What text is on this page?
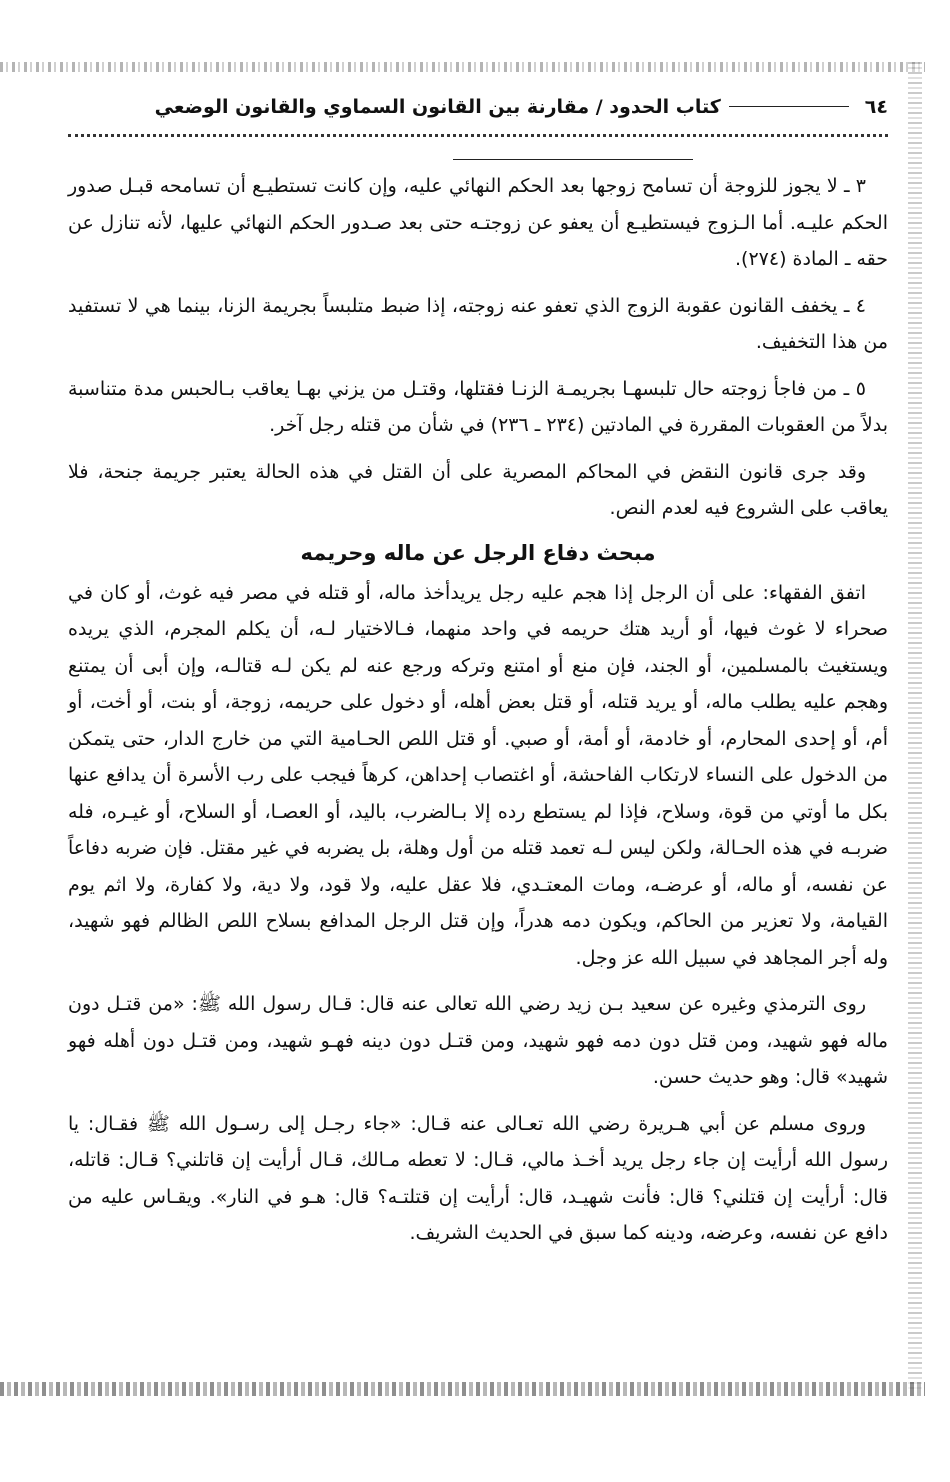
٦٤
كتاب الحدود / مقارنة بين القانون السماوي والقانون الوضعي

٣ ـ لا يجوز للزوجة أن تسامح زوجها بعد الحكم النهائي عليه، وإن كانت تستطيـع أن تسامحه قبـل صدور الحكم عليـه. أما الـزوج فيستطيـع أن يعفو عن زوجتـه حتى بعد صـدور الحكم النهائي عليها، لأنه تنازل عن حقه ـ المادة (٢٧٤).

٤ ـ يخفف القانون عقوبة الزوج الذي تعفو عنه زوجته، إذا ضبط متلبساً بجريمة الزنا، بينما هي لا تستفيد من هذا التخفيف.

٥ ـ من فاجأ زوجته حال تلبسهـا بجريمـة الزنـا فقتلها، وقتـل من يزني بهـا يعاقب بـالحبس مدة متناسبة بدلاً من العقوبات المقررة في المادتين (٢٣٤ ـ ٢٣٦) في شأن من قتله رجل آخر.

وقد جرى قانون النقض في المحاكم المصرية على أن القتل في هذه الحالة يعتبر جريمة جنحة، فلا يعاقب على الشروع فيه لعدم النص.

مبحث دفاع الرجل عن ماله وحريمه

اتفق الفقهاء: على أن الرجل إذا هجم عليه رجل يريدأخذ ماله، أو قتله في مصر فيه غوث، أو كان في صحراء لا غوث فيها، أو أريد هتك حريمه في واحد منهما، فـالاختيار لـه، أن يكلم المجرم، الذي يريده ويستغيث بالمسلمين، أو الجند، فإن منع أو امتنع وتركه ورجع عنه لم يكن لـه قتالـه، وإن أبى أن يمتنع وهجم عليه يطلب ماله، أو يريد قتله، أو قتل بعض أهله، أو دخول على حريمه، زوجة، أو بنت، أو أخت، أو أم، أو إحدى المحارم، أو خادمة، أو أمة، أو صبي. أو قتل اللص الحـامية التي من خارج الدار، حتى يتمكن من الدخول على النساء لارتكاب الفاحشة، أو اغتصاب إحداهن، كرهاً فيجب على رب الأسرة أن يدافع عنها بكل ما أوتي من قوة، وسلاح، فإذا لم يستطع رده إلا بـالضرب، باليد، أو العصـا، أو السلاح، أو غيـره، فله ضربـه في هذه الحـالة، ولكن ليس لـه تعمد قتله من أول وهلة، بل يضربه في غير مقتل. فإن ضربه دفاعاً عن نفسه، أو ماله، أو عرضـه، ومات المعتـدي، فلا عقل عليه، ولا قود، ولا دية، ولا كفارة، ولا اثم يوم القيامة، ولا تعزير من الحاكم، ويكون دمه هدراً، وإن قتل الرجل المدافع بسلاح اللص الظالم فهو شهيد، وله أجر المجاهد في سبيل الله عز وجل.

روى الترمذي وغيره عن سعيد بـن زيد رضي الله تعالى عنه قال: قـال رسول الله ﷺ: «من قتـل دون ماله فهو شهيد، ومن قتل دون دمه فهو شهيد، ومن قتـل دون دينه فهـو شهيد، ومن قتـل دون أهله فهو شهيد» قال: وهو حديث حسن.

وروى مسلم عن أبي هـريرة رضي الله تعـالى عنه قـال: «جاء رجـل إلى رسـول الله ﷺ فقـال: يا رسول الله أرأيت إن جاء رجل يريد أخـذ مالي، قـال: لا تعطه مـالك، قـال أرأيت إن قاتلني؟ قـال: قاتله، قال: أرأيت إن قتلني؟ قال: فأنت شهيـد، قال: أرأيت إن قتلتـه؟ قال: هـو في النار». ويقـاس عليه من دافع عن نفسه، وعرضه، ودينه كما سبق في الحديث الشريف.
